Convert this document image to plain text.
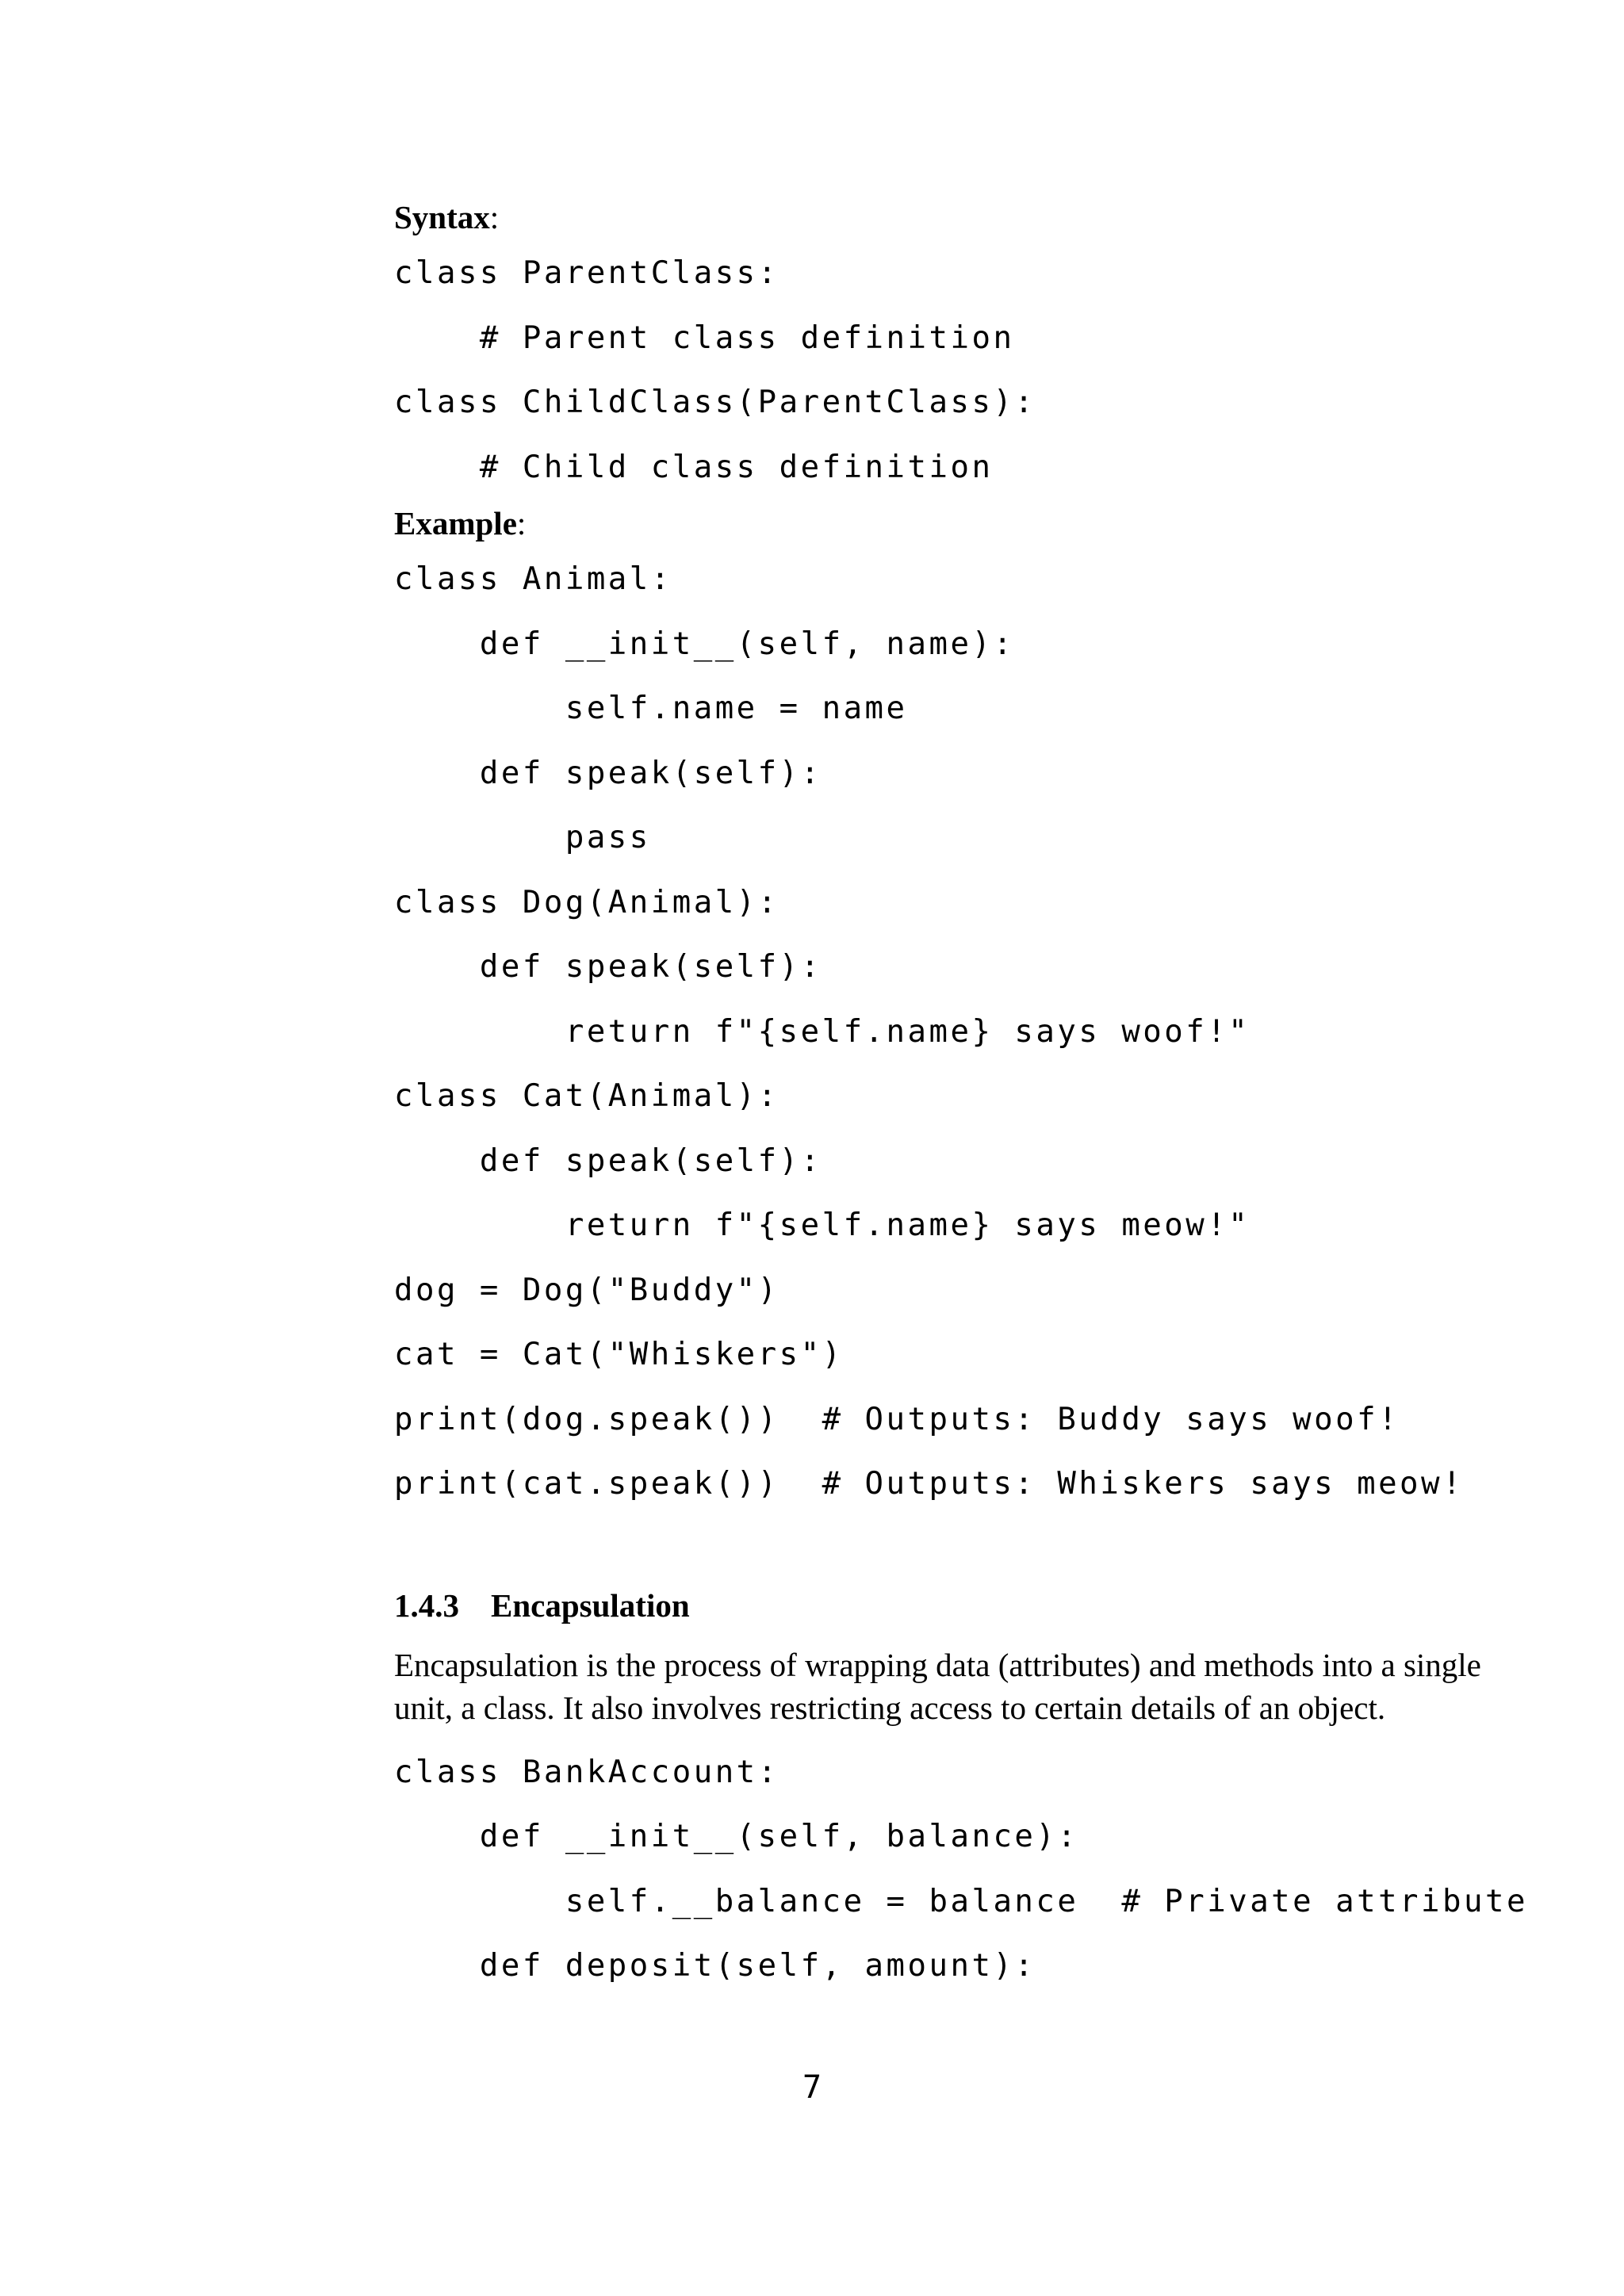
Syntax:

class ParentClass:

# Parent class definition

class ChildClass(ParentClass):

# Child class definition

Example:

class Animal:

def __init__(self, name):

self.name = name

def speak(self):

pass

class Dog(Animal):

def speak(self):

return f"{self.name} says woof!"

class Cat(Animal):

def speak(self):

return f"{self.name} says meow!"

dog = Dog("Buddy")

cat = Cat("Whiskers")

print(dog.speak())  # Outputs: Buddy says woof!

print(cat.speak())  # Outputs: Whiskers says meow!

1.4.3 Encapsulation

Encapsulation is the process of wrapping data (attributes) and methods into a single unit, a class. It also involves restricting access to certain details of an object.

class BankAccount:

def __init__(self, balance):

self.__balance = balance  # Private attribute

def deposit(self, amount):

7
